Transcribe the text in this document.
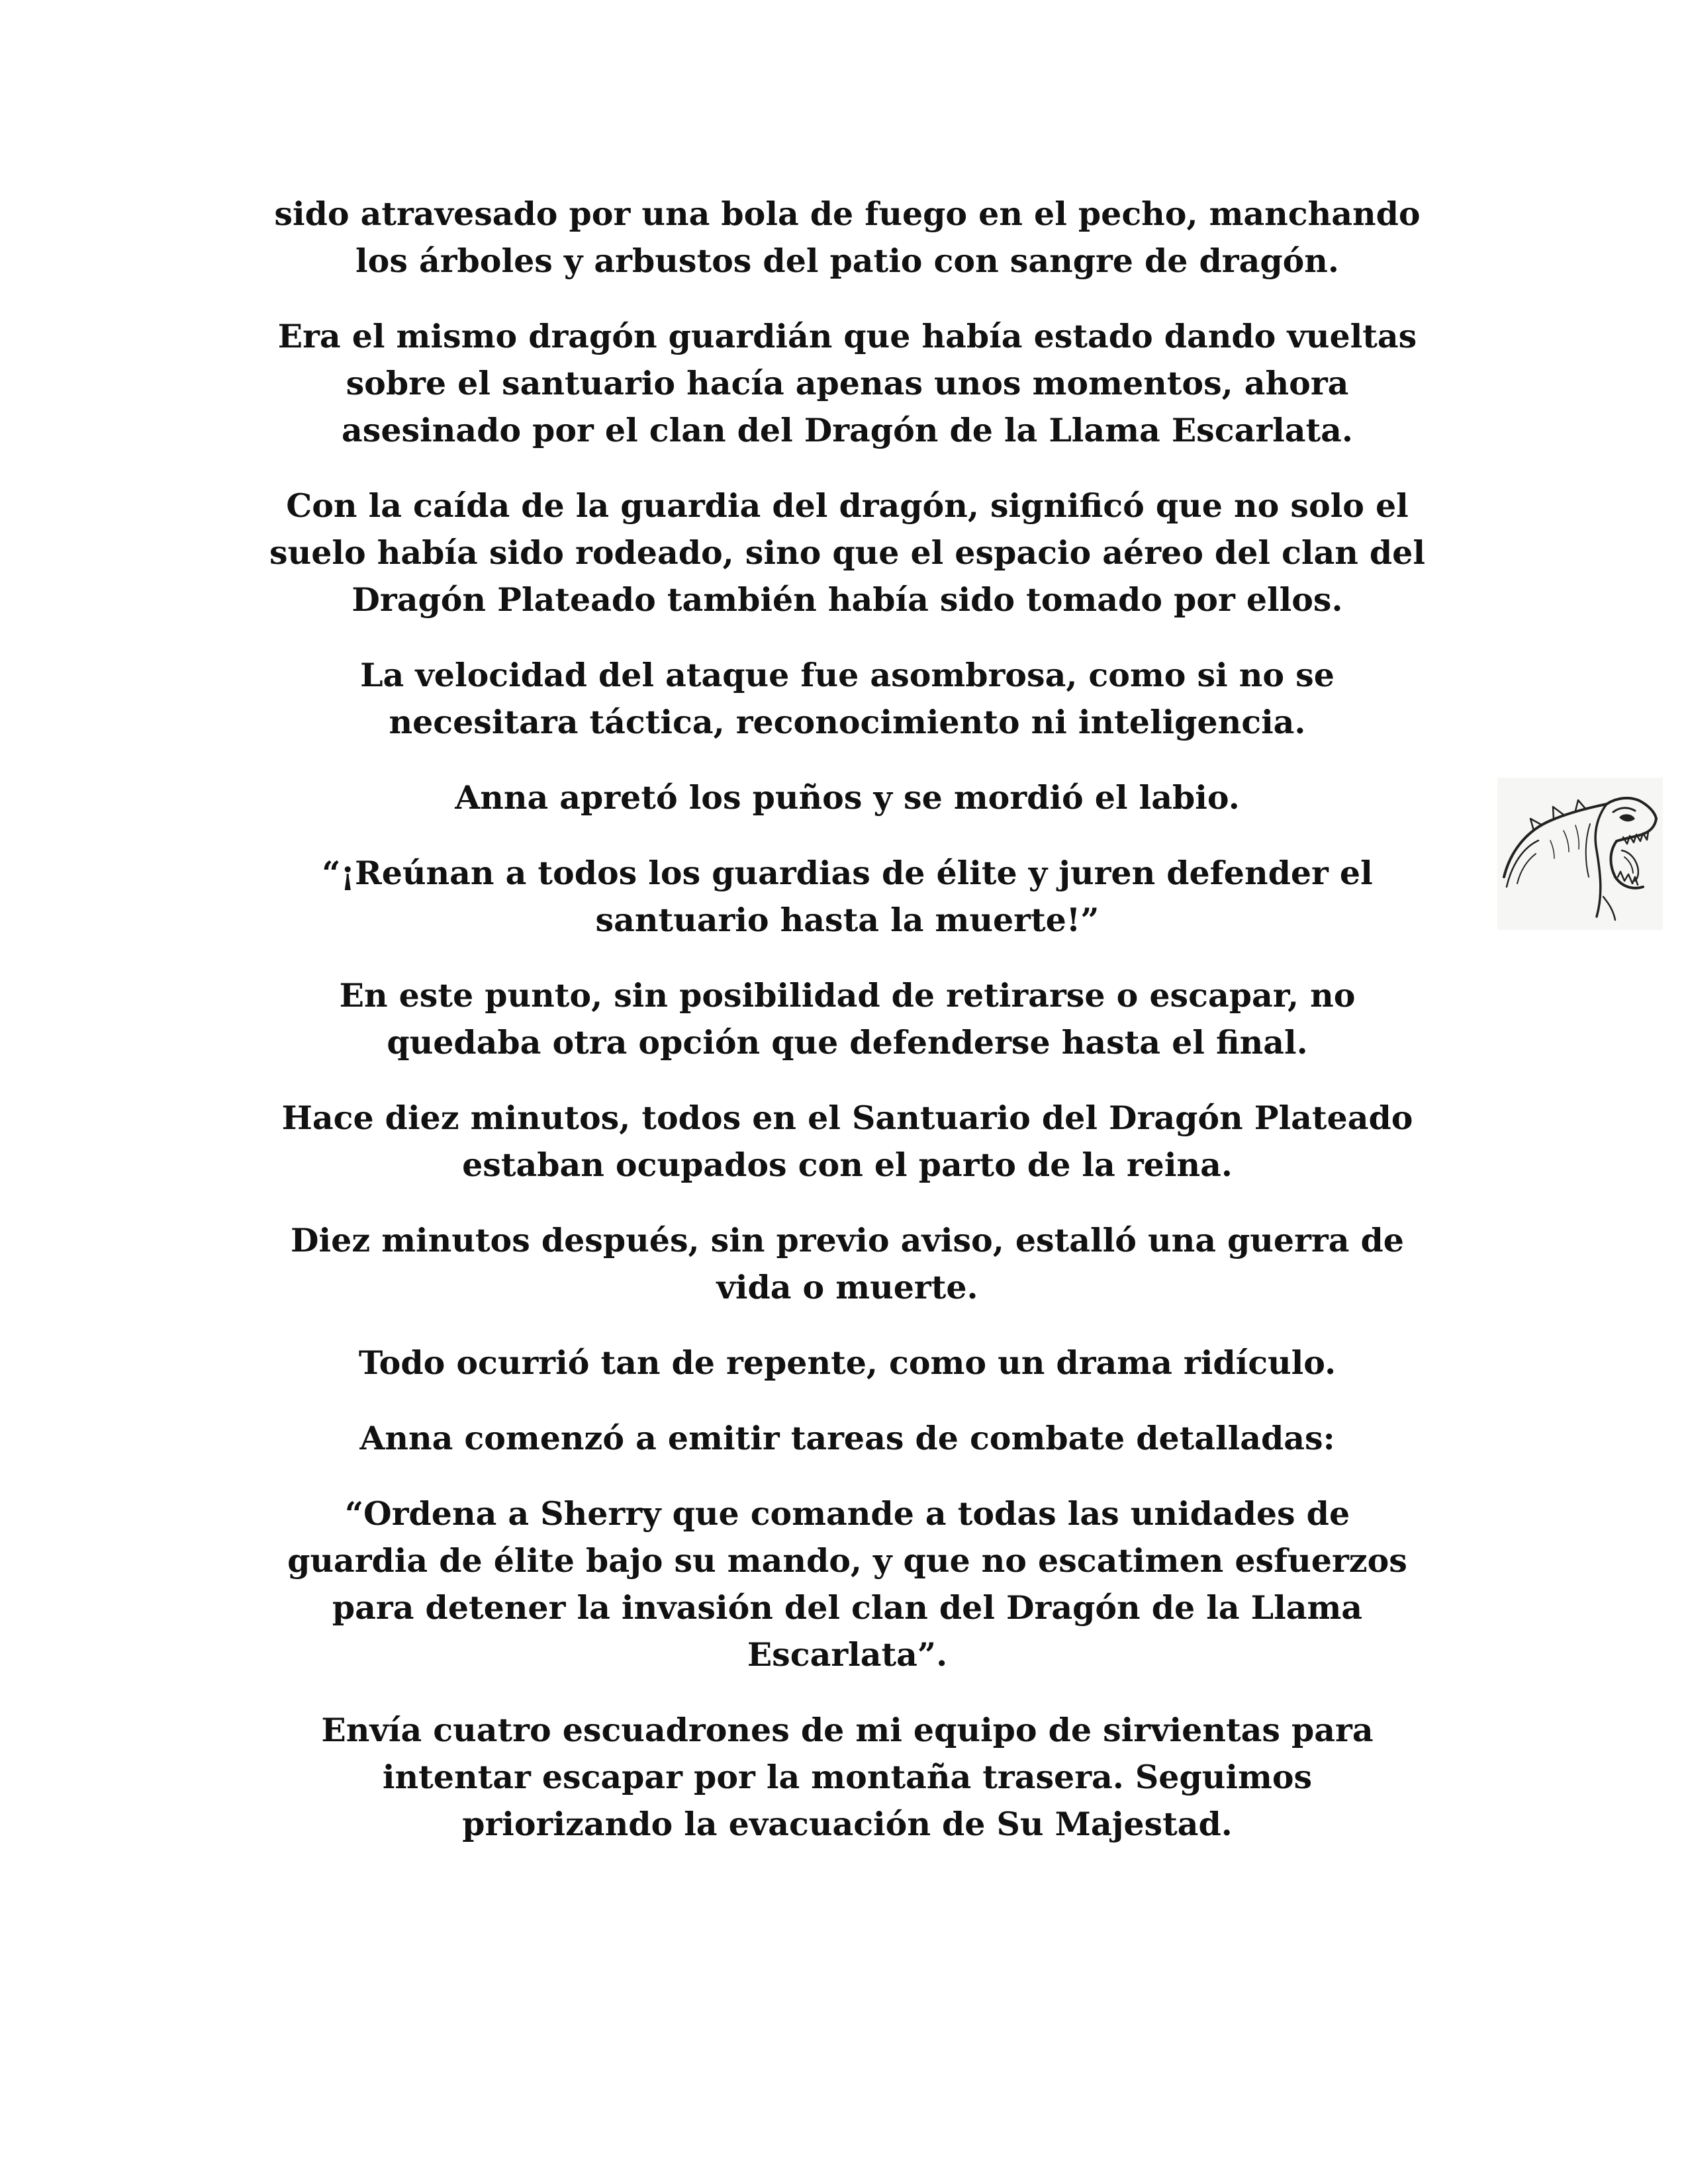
sido atravesado por una bola de fuego en el pecho, manchando
los árboles y arbustos del patio con sangre de dragón.

Era el mismo dragón guardián que había estado dando vueltas
sobre el santuario hacía apenas unos momentos, ahora
asesinado por el clan del Dragón de la Llama Escarlata.

Con la caída de la guardia del dragón, significó que no solo el
suelo había sido rodeado, sino que el espacio aéreo del clan del
Dragón Plateado también había sido tomado por ellos.

La velocidad del ataque fue asombrosa, como si no se
necesitara táctica, reconocimiento ni inteligencia.

Anna apretó los puños y se mordió el labio.

“¡Reúnan a todos los guardias de élite y juren defender el
santuario hasta la muerte!”

En este punto, sin posibilidad de retirarse o escapar, no
quedaba otra opción que defenderse hasta el final.

Hace diez minutos, todos en el Santuario del Dragón Plateado
estaban ocupados con el parto de la reina.

Diez minutos después, sin previo aviso, estalló una guerra de
vida o muerte.

Todo ocurrió tan de repente, como un drama ridículo.

Anna comenzó a emitir tareas de combate detalladas:

“Ordena a Sherry que comande a todas las unidades de
guardia de élite bajo su mando, y que no escatimen esfuerzos
para detener la invasión del clan del Dragón de la Llama
Escarlata”.

Envía cuatro escuadrones de mi equipo de sirvientas para
intentar escapar por la montaña trasera. Seguimos
priorizando la evacuación de Su Majestad.
